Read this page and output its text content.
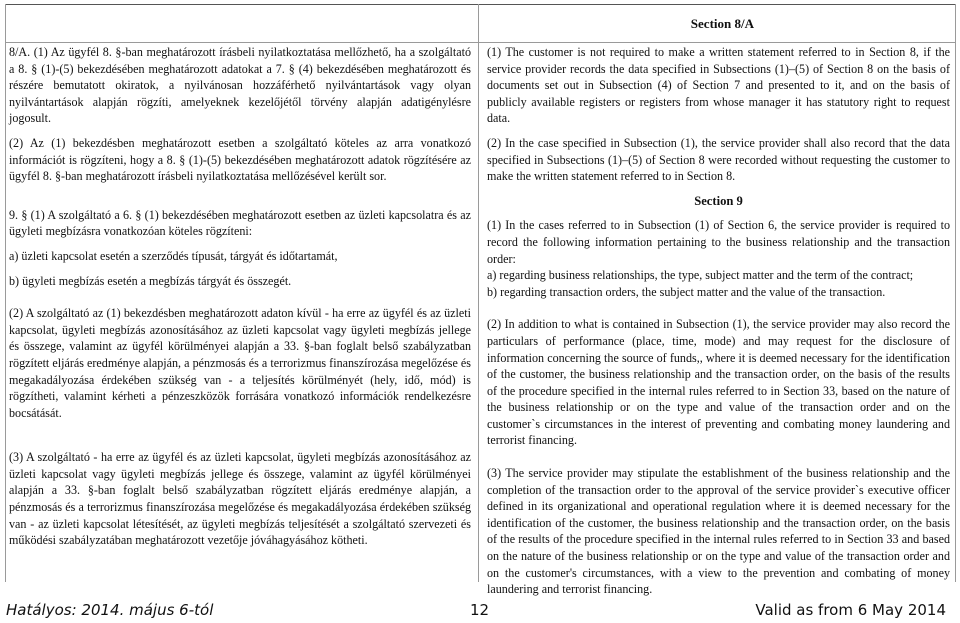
Section 8/A

8/A. (1) Az ügyfél 8. §-ban meghatározott írásbeli nyilatkoztatása mellőzhető, ha a szolgáltató a 8. § (1)-(5) bekezdésében meghatározott adatokat a 7. § (4) bekezdésében meghatározott és részére bemutatott okiratok, a nyilvánosan hozzáférhető nyilvántartások vagy olyan nyilvántartások alapján rögzíti, amelyeknek kezelőjétől törvény alapján adatigénylésre jogosult.

(2) Az (1) bekezdésben meghatározott esetben a szolgáltató köteles az arra vonatkozó információt is rögzíteni, hogy a 8. § (1)-(5) bekezdésében meghatározott adatok rögzítésére az ügyfél 8. §-ban meghatározott írásbeli nyilatkoztatása mellőzésével került sor.

9. § (1) A szolgáltató a 6. § (1) bekezdésében meghatározott esetben az üzleti kapcsolatra és az ügyleti megbízásra vonatkozóan köteles rögzíteni:

a) üzleti kapcsolat esetén a szerződés típusát, tárgyát és időtartamát,

b) ügyleti megbízás esetén a megbízás tárgyát és összegét.

(2) A szolgáltató az (1) bekezdésben meghatározott adaton kívül - ha erre az ügyfél és az üzleti kapcsolat, ügyleti megbízás azonosításához az üzleti kapcsolat vagy ügyleti megbízás jellege és összege, valamint az ügyfél körülményei alapján a 33. §-ban foglalt belső szabályzatban rögzített eljárás eredménye alapján, a pénzmosás és a terrorizmus finanszírozása megelőzése és megakadályozása érdekében szükség van - a teljesítés körülményét (hely, idő, mód) is rögzítheti, valamint kérheti a pénzeszközök forrására vonatkozó információk rendelkezésre bocsátását.

(3) A szolgáltató - ha erre az ügyfél és az üzleti kapcsolat, ügyleti megbízás azonosításához az üzleti kapcsolat vagy ügyleti megbízás jellege és összege, valamint az ügyfél körülményei alapján a 33. §-ban foglalt belső szabályzatban rögzített eljárás eredménye alapján, a pénzmosás és a terrorizmus finanszírozása megelőzése és megakadályozása érdekében szükség van - az üzleti kapcsolat létesítését, az ügyleti megbízás teljesítését a szolgáltató szervezeti és működési szabályzatában meghatározott vezetője jóváhagyásához kötheti.

(1) The customer is not required to make a written statement referred to in Section 8, if the service provider records the data specified in Subsections (1)–(5) of Section 8 on the basis of documents set out in Subsection (4) of Section 7 and presented to it, and on the basis of publicly available registers or registers from whose manager it has statutory right to request data.

(2) In the case specified in Subsection (1), the service provider shall also record that the data specified in Subsections (1)–(5) of Section 8 were recorded without requesting the customer to make the written statement referred to in Section 8.

Section 9

(1) In the cases referred to in Subsection (1) of Section 6, the service provider is required to record the following information pertaining to the business relationship and the transaction order:

a) regarding business relationships, the type, subject matter and the term of the contract;

b) regarding transaction orders, the subject matter and the value of the transaction.

(2) In addition to what is contained in Subsection (1), the service provider may also record the particulars of performance (place, time, mode) and may request for the disclosure of information concerning the source of funds,, where it is deemed necessary for the identification of the customer, the business relationship and the transaction order, on the basis of the results of the procedure specified in the internal rules referred to in Section 33, based on the nature of the business relationship or on the type and value of the transaction order and on the customer`s circumstances in the interest of preventing and combating money laundering and terrorist financing.

(3) The service provider may stipulate the establishment of the business relationship and the completion of the transaction order to the approval of the service provider`s executive officer defined in its organizational and operational regulation where it is deemed necessary for the identification of the customer, the business relationship and the transaction order, on the basis of the results of the procedure specified in the internal rules referred to in Section 33 and based on the nature of the business relationship or on the type and value of the transaction order and on the customer's circumstances, with a view to the prevention and combating of money laundering and terrorist financing.

Hatályos: 2014. május 6-tól	12	Valid as from 6 May 2014
